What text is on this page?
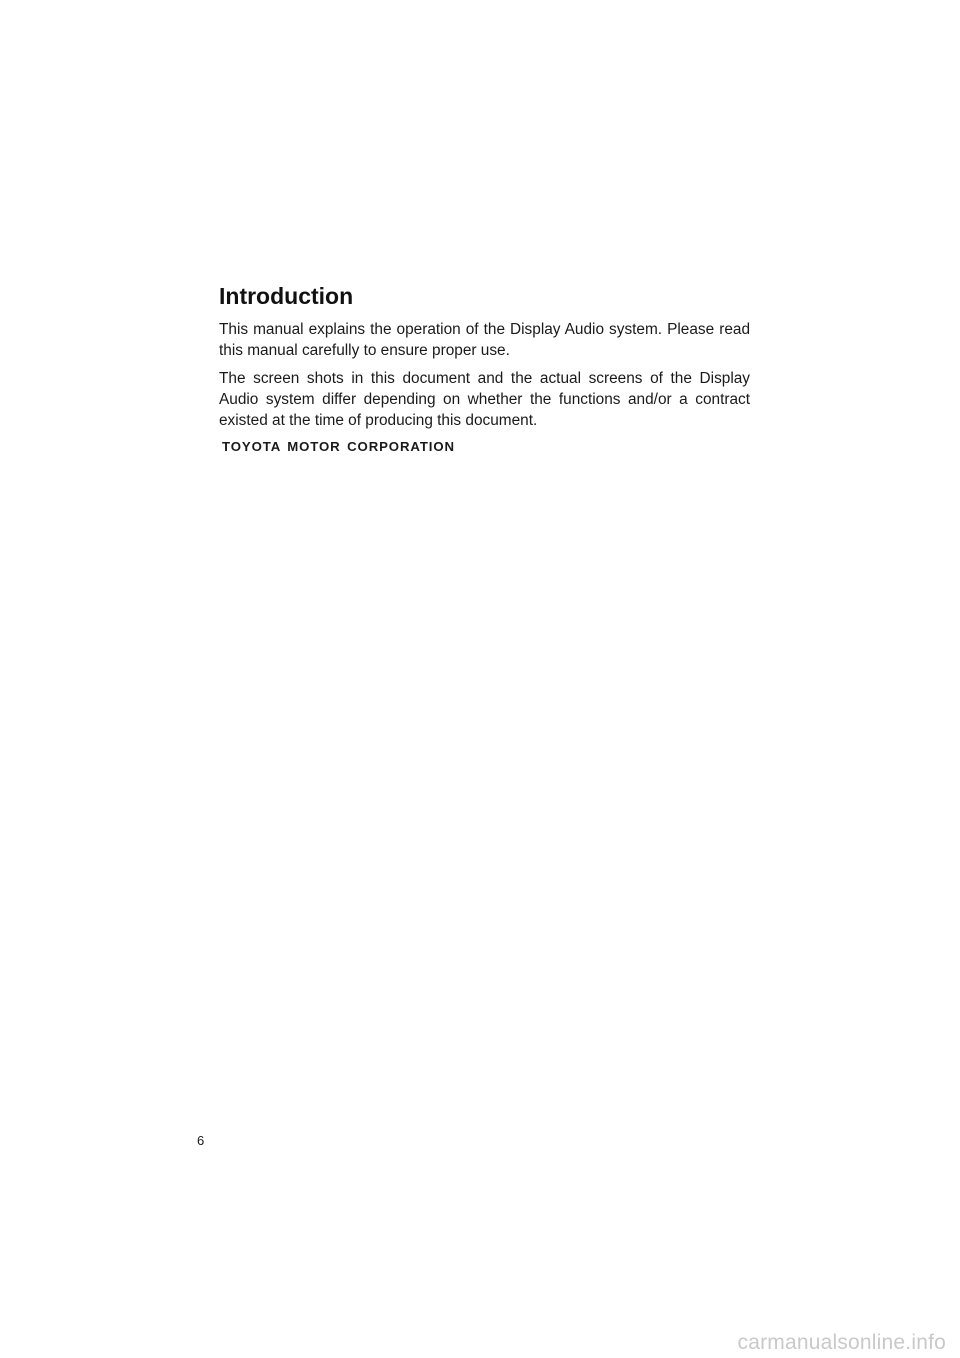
Introduction

This manual explains the operation of the Display Audio system. Please read this manual carefully to ensure proper use.

The screen shots in this document and the actual screens of the Display Audio system differ depending on whether the functions and/or a contract existed at the time of producing this document.

TOYOTA MOTOR CORPORATION
6
carmanualsonline.info
